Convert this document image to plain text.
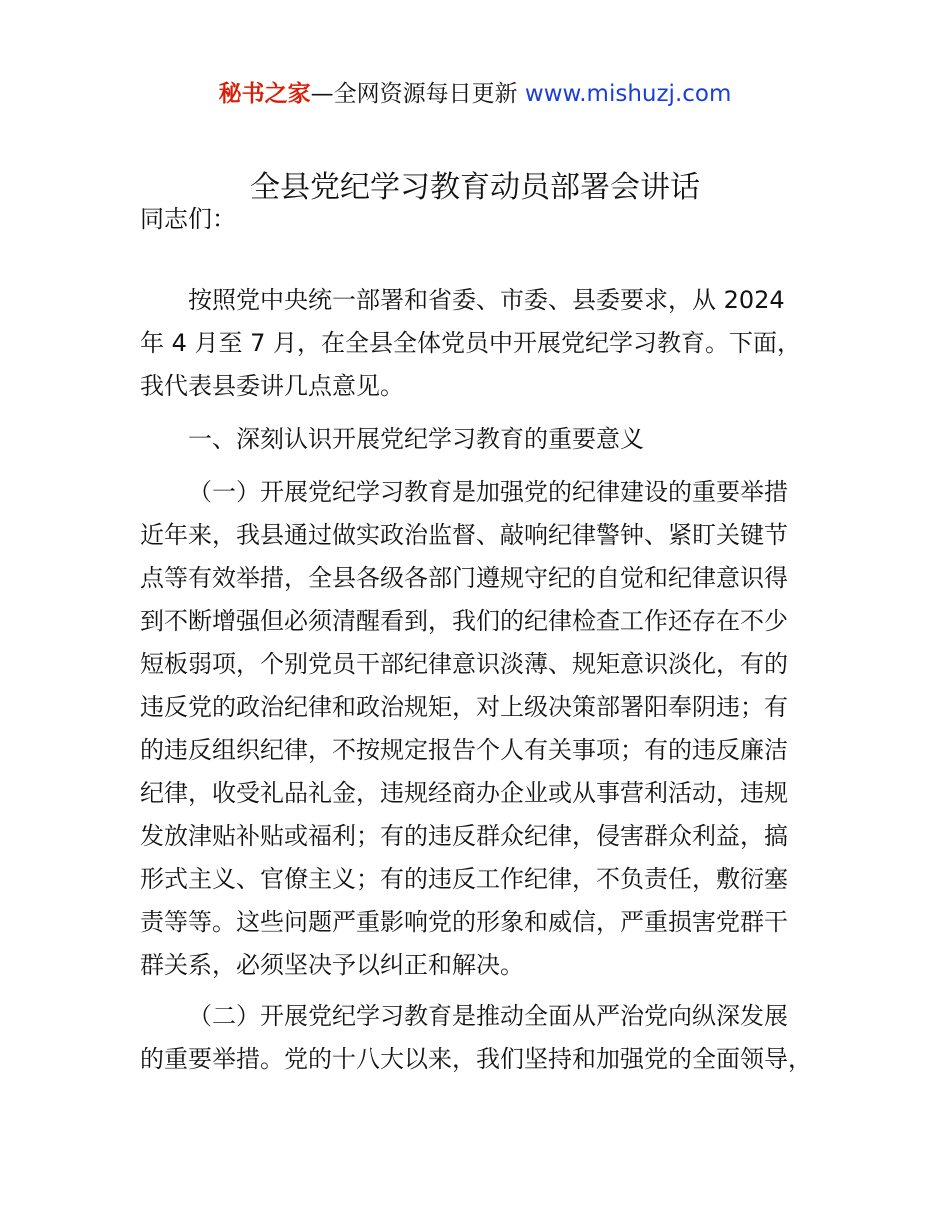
秘书之家—全网资源每日更新 www.mishuzj.com
全县党纪学习教育动员部署会讲话
同志们：
按照党中央统一部署和省委、市委、县委要求，从 2024
年 4 月至 7 月，在全县全体党员中开展党纪学习教育。下面，
我代表县委讲几点意见。
一、深刻认识开展党纪学习教育的重要意义
（一）开展党纪学习教育是加强党的纪律建设的重要举措
近年来，我县通过做实政治监督、敲响纪律警钟、紧盯关键节
点等有效举措，全县各级各部门遵规守纪的自觉和纪律意识得
到不断增强但必须清醒看到，我们的纪律检查工作还存在不少
短板弱项，个别党员干部纪律意识淡薄、规矩意识淡化，有的
违反党的政治纪律和政治规矩，对上级决策部署阳奉阴违；有
的违反组织纪律，不按规定报告个人有关事项；有的违反廉洁
纪律，收受礼品礼金，违规经商办企业或从事营利活动，违规
发放津贴补贴或福利；有的违反群众纪律，侵害群众利益，搞
形式主义、官僚主义；有的违反工作纪律，不负责任，敷衍塞
责等等。这些问题严重影响党的形象和威信，严重损害党群干
群关系，必须坚决予以纠正和解决。
（二）开展党纪学习教育是推动全面从严治党向纵深发展
的重要举措。党的十八大以来，我们坚持和加强党的全面领导，
